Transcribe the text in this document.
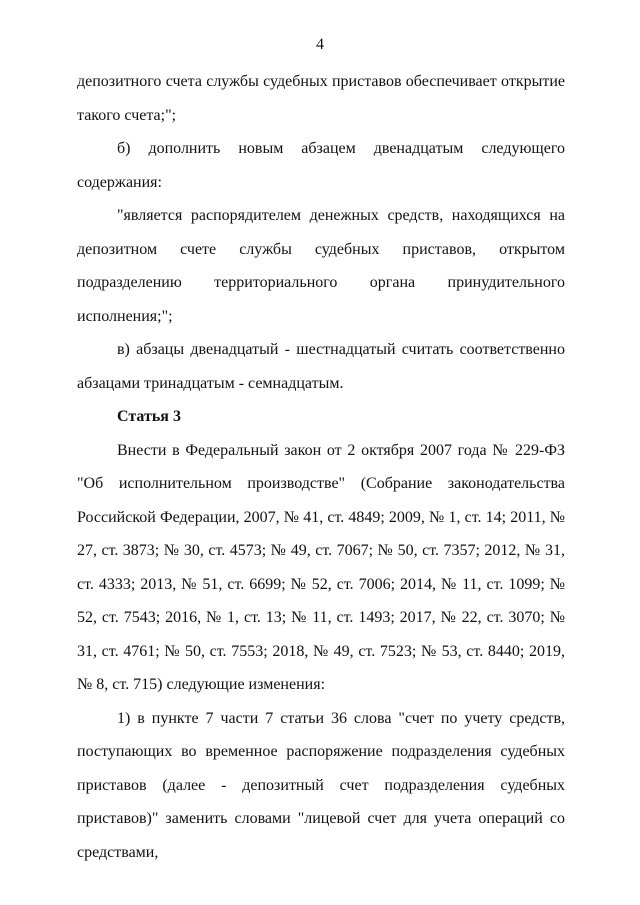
4

депозитного счета службы судебных приставов обеспечивает открытие такого счета;";

б) дополнить новым абзацем двенадцатым следующего содержания:

"является распорядителем денежных средств, находящихся на депозитном счете службы судебных приставов, открытом подразделению территориального органа принудительного исполнения;";

в) абзацы двенадцатый - шестнадцатый считать соответственно абзацами тринадцатым - семнадцатым.

Статья 3

Внести в Федеральный закон от 2 октября 2007 года № 229-ФЗ "Об исполнительном производстве" (Собрание законодательства Российской Федерации, 2007, № 41, ст. 4849; 2009, № 1, ст. 14; 2011, № 27, ст. 3873; № 30, ст. 4573; № 49, ст. 7067; № 50, ст. 7357; 2012, № 31, ст. 4333; 2013, № 51, ст. 6699; № 52, ст. 7006; 2014, № 11, ст. 1099; № 52, ст. 7543; 2016, № 1, ст. 13; № 11, ст. 1493; 2017, № 22, ст. 3070; № 31, ст. 4761; № 50, ст. 7553; 2018, № 49, ст. 7523; № 53, ст. 8440; 2019, № 8, ст. 715) следующие изменения:

1) в пункте 7 части 7 статьи 36 слова "счет по учету средств, поступающих во временное распоряжение подразделения судебных приставов (далее - депозитный счет подразделения судебных приставов)" заменить словами "лицевой счет для учета операций со средствами,
